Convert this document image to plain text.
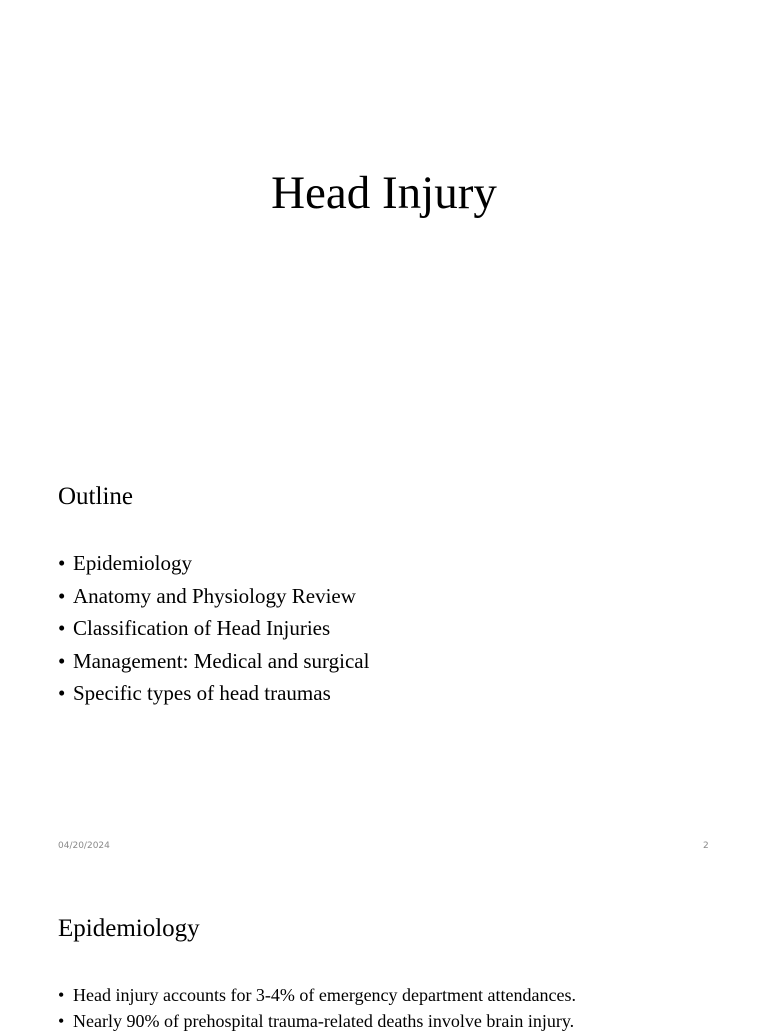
Head Injury
Outline
• Epidemiology
• Anatomy and Physiology Review
• Classification of Head Injuries
• Management: Medical and surgical
• Specific types of head traumas
04/20/2024	2
Epidemiology
• Head injury accounts for 3-4% of emergency department attendances.
• Nearly 90% of prehospital trauma-related deaths involve brain injury.
